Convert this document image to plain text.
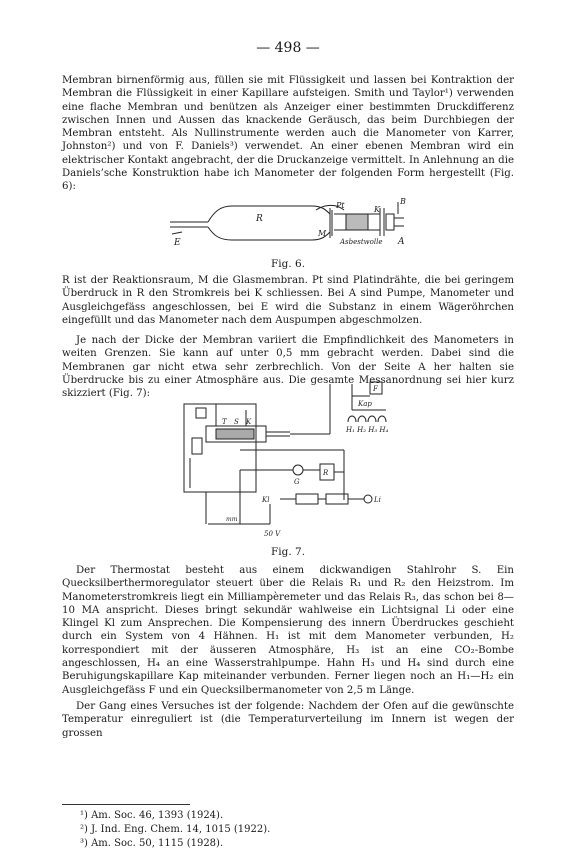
— 498 —

Membran birnenförmig aus, füllen sie mit Flüssigkeit und lassen bei Kontraktion der Membran die Flüssigkeit in einer Kapillare aufsteigen. Smith und Taylor¹) verwenden eine flache Membran und benützen als Anzeiger einer bestimmten Druckdifferenz zwischen Innen und Aussen das knackende Geräusch, das beim Durchbiegen der Membran entsteht. Als Nullinstrumente werden auch die Manometer von Karrer, Johnston²) und von F. Daniels³) verwendet. An einer ebenen Membran wird ein elektrischer Kontakt angebracht, der die Druckanzeige vermittelt. In Anlehnung an die Daniels’sche Konstruktion habe ich Manometer der folgenden Form hergestellt (Fig. 6):

R
M
Pt	K
B
E	Asbestwolle A
Fig. 6.

R ist der Reaktionsraum, M die Glasmembran. Pt sind Platindrähte, die bei geringem Überdruck in R den Stromkreis bei K schliessen. Bei A sind Pumpe, Manometer und Ausgleichgefäss angeschlossen, bei E wird die Substanz in einem Wägeröhrchen eingefüllt und das Manometer nach dem Auspumpen abgeschmolzen.

Je nach der Dicke der Membran variiert die Empfindlichkeit des Manometers in weiten Grenzen. Sie kann auf unter 0,5 mm gebracht werden. Dabei sind die Membranen gar nicht etwa sehr zerbrechlich. Von der Seite A her halten sie Überdrucke bis zu einer Atmosphäre aus. Die gesamte Messanordnung sei hier kurz skizziert (Fig. 7):

Kap
F
H₁ H₂ H₃ H₄
T S K
G
R
Kl	Li
50 V
mm
Fig. 7.

Der Thermostat besteht aus einem dickwandigen Stahlrohr S. Ein Quecksilberthermoregulator steuert über die Relais R₁ und R₂ den Heizstrom. Im Manometerstromkreis liegt ein Milliampèremeter und das Relais R₃, das schon bei 8—10 MA anspricht. Dieses bringt sekundär wahlweise ein Lichtsignal Li oder eine Klingel Kl zum Ansprechen. Die Kompensierung des innern Überdruckes geschieht durch ein System von 4 Hähnen. H₁ ist mit dem Manometer verbunden, H₂ korrespondiert mit der äusseren Atmosphäre, H₃ ist an eine CO₂-Bombe angeschlossen, H₄ an eine Wasserstrahlpumpe. Hahn H₃ und H₄ sind durch eine Beruhigungskapillare Kap miteinander verbunden. Ferner liegen noch an H₁—H₂ ein Ausgleichgefäss F und ein Quecksilbermanometer von 2,5 m Länge.

Der Gang eines Versuches ist der folgende: Nachdem der Ofen auf die gewünschte Temperatur einreguliert ist (die Temperaturverteilung im Innern ist wegen der grossen

¹) Am. Soc. 46, 1393 (1924).
²) J. Ind. Eng. Chem. 14, 1015 (1922).
³) Am. Soc. 50, 1115 (1928).
